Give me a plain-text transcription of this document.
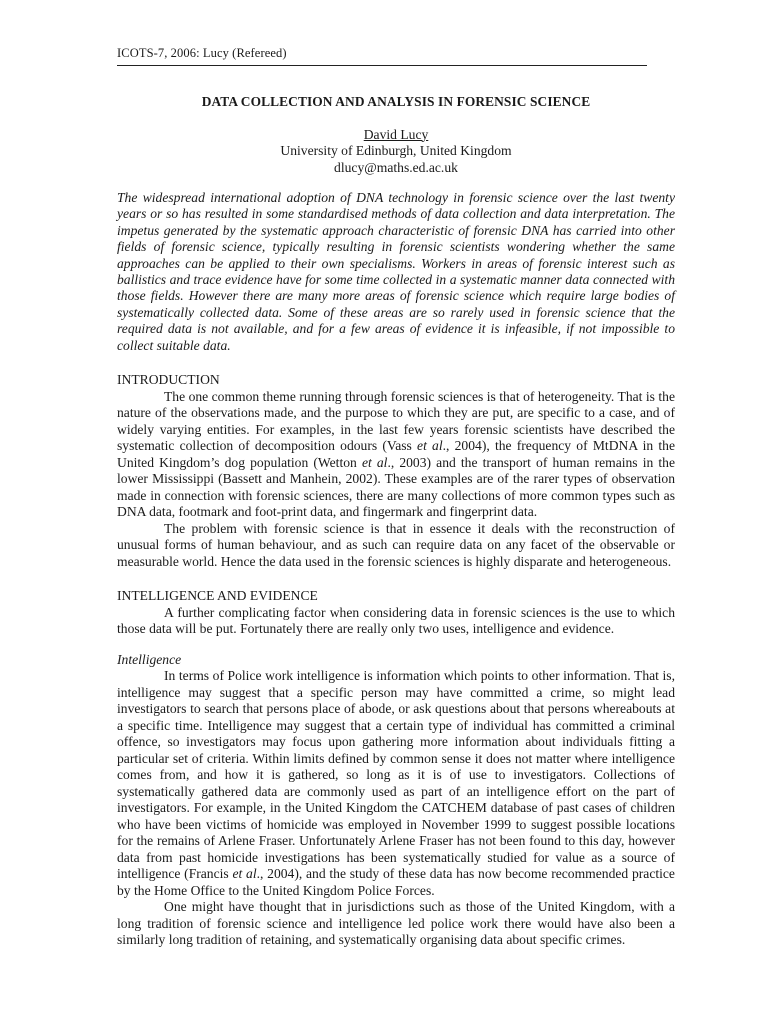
ICOTS-7, 2006: Lucy (Refereed)
DATA COLLECTION AND ANALYSIS IN FORENSIC SCIENCE
David Lucy
University of Edinburgh, United Kingdom
dlucy@maths.ed.ac.uk

The widespread international adoption of DNA technology in forensic science over the last twenty years or so has resulted in some standardised methods of data collection and data interpretation. The impetus generated by the systematic approach characteristic of forensic DNA has carried into other fields of forensic science, typically resulting in forensic scientists wondering whether the same approaches can be applied to their own specialisms. Workers in areas of forensic interest such as ballistics and trace evidence have for some time collected in a systematic manner data connected with those fields. However there are many more areas of forensic science which require large bodies of systematically collected data. Some of these areas are so rarely used in forensic science that the required data is not available, and for a few areas of evidence it is infeasible, if not impossible to collect suitable data.

INTRODUCTION

The one common theme running through forensic sciences is that of heterogeneity. That is the nature of the observations made, and the purpose to which they are put, are specific to a case, and of widely varying entities. For examples, in the last few years forensic scientists have described the systematic collection of decomposition odours (Vass et al., 2004), the frequency of MtDNA in the United Kingdom’s dog population (Wetton et al., 2003) and the transport of human remains in the lower Mississippi (Bassett and Manhein, 2002). These examples are of the rarer types of observation made in connection with forensic sciences, there are many collections of more common types such as DNA data, footmark and foot-print data, and fingermark and fingerprint data.

The problem with forensic science is that in essence it deals with the reconstruction of unusual forms of human behaviour, and as such can require data on any facet of the observable or measurable world. Hence the data used in the forensic sciences is highly disparate and heterogeneous.

INTELLIGENCE AND EVIDENCE

A further complicating factor when considering data in forensic sciences is the use to which those data will be put. Fortunately there are really only two uses, intelligence and evidence.

Intelligence

In terms of Police work intelligence is information which points to other information. That is, intelligence may suggest that a specific person may have committed a crime, so might lead investigators to search that persons place of abode, or ask questions about that persons whereabouts at a specific time. Intelligence may suggest that a certain type of individual has committed a criminal offence, so investigators may focus upon gathering more information about individuals fitting a particular set of criteria. Within limits defined by common sense it does not matter where intelligence comes from, and how it is gathered, so long as it is of use to investigators. Collections of systematically gathered data are commonly used as part of an intelligence effort on the part of investigators. For example, in the United Kingdom the CATCHEM database of past cases of children who have been victims of homicide was employed in November 1999 to suggest possible locations for the remains of Arlene Fraser. Unfortunately Arlene Fraser has not been found to this day, however data from past homicide investigations has been systematically studied for value as a source of intelligence (Francis et al., 2004), and the study of these data has now become recommended practice by the Home Office to the United Kingdom Police Forces.

One might have thought that in jurisdictions such as those of the United Kingdom, with a long tradition of forensic science and intelligence led police work there would have also been a similarly long tradition of retaining, and systematically organising data about specific crimes.
